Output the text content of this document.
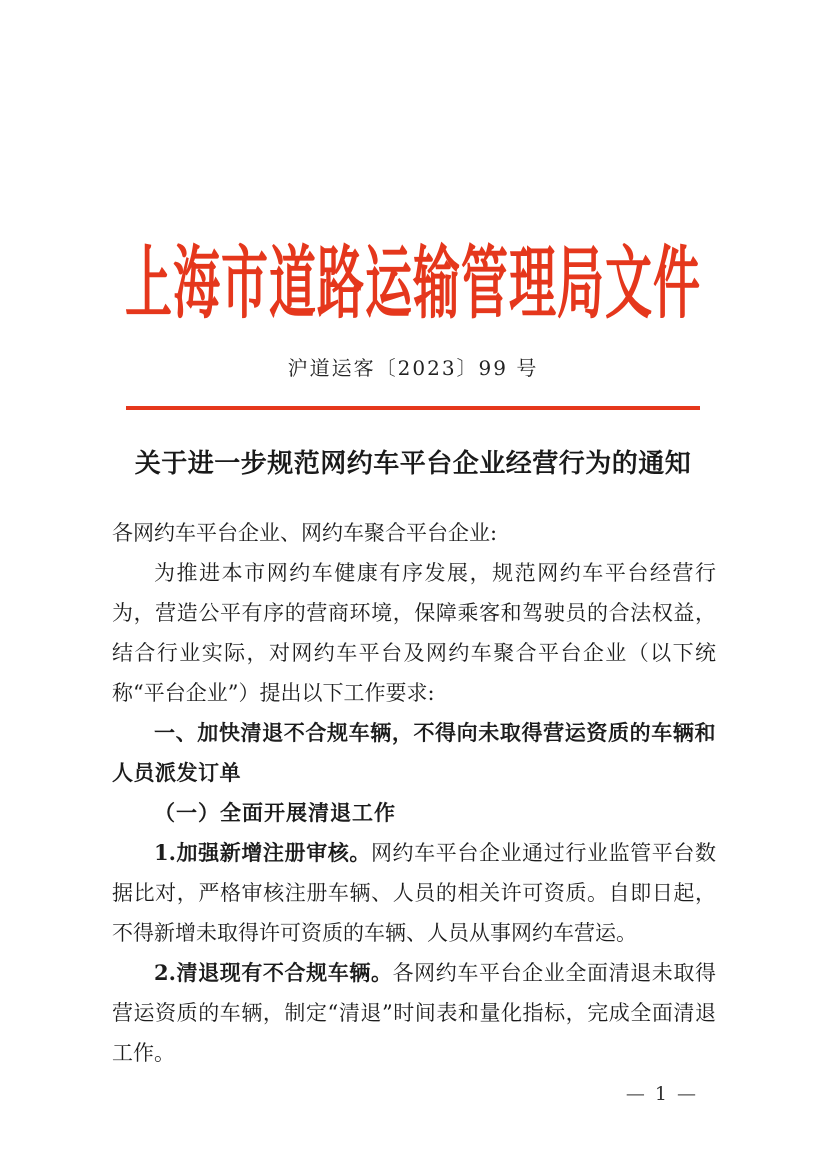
上海市道路运输管理局文件
沪道运客〔2023〕99 号
关于进一步规范网约车平台企业经营行为的通知

各网约车平台企业、网约车聚合平台企业:

为推进本市网约车健康有序发展，规范网约车平台经营行为，营造公平有序的营商环境，保障乘客和驾驶员的合法权益，结合行业实际，对网约车平台及网约车聚合平台企业（以下统称“平台企业”）提出以下工作要求:

一、加快清退不合规车辆，不得向未取得营运资质的车辆和人员派发订单

（一）全面开展清退工作

1.加强新增注册审核。网约车平台企业通过行业监管平台数据比对，严格审核注册车辆、人员的相关许可资质。自即日起，不得新增未取得许可资质的车辆、人员从事网约车营运。

2.清退现有不合规车辆。各网约车平台企业全面清退未取得营运资质的车辆，制定“清退”时间表和量化指标，完成全面清退工作。

— 1 —
